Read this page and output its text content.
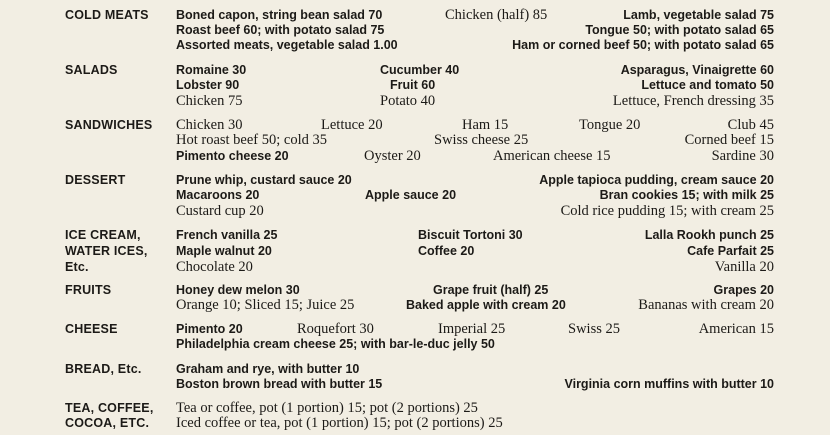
COLD MEATS Boned capon, string bean salad 70	Chicken (half) 85	Lamb, vegetable salad 75
Roast beef 60; with potato salad 75	Tongue 50; with potato salad 65
Assorted meats, vegetable salad 1.00	Ham or corned beef 50; with potato salad 65
SALADS	Romaine 30	Cucumber 40	Asparagus, Vinaigrette 60
Lobster 90	Fruit 60	Lettuce and tomato 50
Chicken 75	Potato 40	Lettuce, French dressing 35
SANDWICHES Chicken 30	Lettuce 20	Ham 15	Tongue 20	Club 45
Hot roast beef 50; cold 35	Swiss cheese 25	Corned beef 15
Pimento cheese 20	Oyster 20	American cheese 15	Sardine 30
DESSERT	Prune whip, custard sauce 20	Apple tapioca pudding, cream sauce 20
Macaroons 20	Apple sauce 20	Bran cookies 15; with milk 25
Custard cup 20	Cold rice pudding 15; with cream 25
ICE CREAM,
WATER ICES,
Etc.
French vanilla 25	Biscuit Tortoni 30	Lalla Rookh punch 25
Maple walnut 20	Coffee 20	Cafe Parfait 25
Chocolate 20	Vanilla 20
FRUITS	Honey dew melon 30	Grape fruit (half) 25	Grapes 20
Orange 10; Sliced 15; Juice 25	Baked apple with cream 20	Bananas with cream 20
CHEESE	Pimento 20	Roquefort 30	Imperial 25	Swiss 25	American 15
Philadelphia cream cheese 25; with bar-le-duc jelly 50
BREAD, Etc.	Graham and rye, with butter 10
Boston brown bread with butter 15	Virginia corn muffins with butter 10
TEA, COFFEE,
COCOA, ETC.
Tea or coffee, pot (1 portion) 15; pot (2 portions) 25
Iced coffee or tea, pot (1 portion) 15; pot (2 portions) 25
